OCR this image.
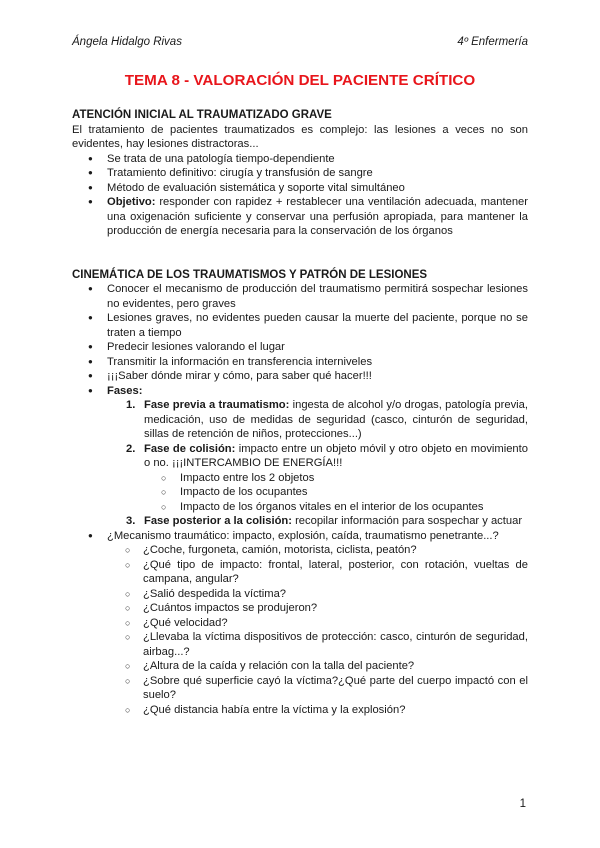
Ángela Hidalgo Rivas	4º Enfermería
TEMA 8 - VALORACIÓN DEL PACIENTE CRÍTICO

ATENCIÓN INICIAL AL TRAUMATIZADO GRAVE

El tratamiento de pacientes traumatizados es complejo: las lesiones a veces no son evidentes, hay lesiones distractoras...

● Se trata de una patología tiempo-dependiente
● Tratamiento definitivo: cirugía y transfusión de sangre
● Método de evaluación sistemática y soporte vital simultáneo
● Objetivo: responder con rapidez + restablecer una ventilación adecuada, mantener una oxigenación suficiente y conservar una perfusión apropiada, para mantener la producción de energía necesaria para la conservación de los órganos

CINEMÁTICA DE LOS TRAUMATISMOS Y PATRÓN DE LESIONES

● Conocer el mecanismo de producción del traumatismo permitirá sospechar lesiones no evidentes, pero graves
● Lesiones graves, no evidentes pueden causar la muerte del paciente, porque no se traten a tiempo
● Predecir lesiones valorando el lugar
● Transmitir la información en transferencia interniveles
● ¡¡¡Saber dónde mirar y cómo, para saber qué hacer!!!
● Fases:
1. Fase previa a traumatismo: ingesta de alcohol y/o drogas, patología previa, medicación, uso de medidas de seguridad (casco, cinturón de seguridad, sillas de retención de niños, protecciones...)
2. Fase de colisión: impacto entre un objeto móvil y otro objeto en movimiento o no. ¡¡¡INTERCAMBIO DE ENERGÍA!!!
○ Impacto entre los 2 objetos
○ Impacto de los ocupantes
○ Impacto de los órganos vitales en el interior de los ocupantes
3. Fase posterior a la colisión: recopilar información para sospechar y actuar
● ¿Mecanismo traumático: impacto, explosión, caída, traumatismo penetrante...?
○ ¿Coche, furgoneta, camión, motorista, ciclista, peatón?
○ ¿Qué tipo de impacto: frontal, lateral, posterior, con rotación, vueltas de campana, angular?
○ ¿Salió despedida la víctima?
○ ¿Cuántos impactos se produjeron?
○ ¿Qué velocidad?
○ ¿Llevaba la víctima dispositivos de protección: casco, cinturón de seguridad, airbag...?
○ ¿Altura de la caída y relación con la talla del paciente?
○ ¿Sobre qué superficie cayó la víctima?¿Qué parte del cuerpo impactó con el suelo?
○ ¿Qué distancia había entre la víctima y la explosión?
1
